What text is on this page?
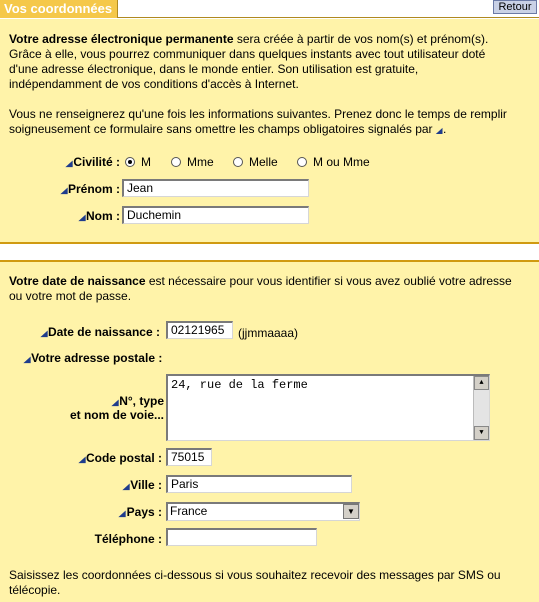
Vos coordonnées	Retour
Votre adresse électronique permanente sera créée à partir de vos nom(s) et prénom(s).
Grâce à elle, vous pourrez communiquer dans quelques instants avec tout utilisateur doté
d'une adresse électronique, dans le monde entier. Son utilisation est gratuite,
indépendamment de vos conditions d'accès à Internet.
Vous ne renseignerez qu'une fois les informations suivantes. Prenez donc le temps de remplir
soigneusement ce formulaire sans omettre les champs obligatoires signalés par ◢.
◢Civilité : M	Mme	Melle	M ou Mme
◢Prénom : Jean
◢Nom : Duchemin
Votre date de naissance est nécessaire pour vous identifier si vous avez oublié votre adresse
ou votre mot de passe.
◢Date de naissance : 02121965	(jjmmaaaa)
◢Votre adresse postale :
◢N°, type
et nom de voie...
24, rue de la ferme	▲
▼
◢Code postal : 75015
◢Ville : Paris
◢Pays : France	▼
Téléphone :
Saisissez les coordonnées ci-dessous si vous souhaitez recevoir des messages par SMS ou
télécopie.
